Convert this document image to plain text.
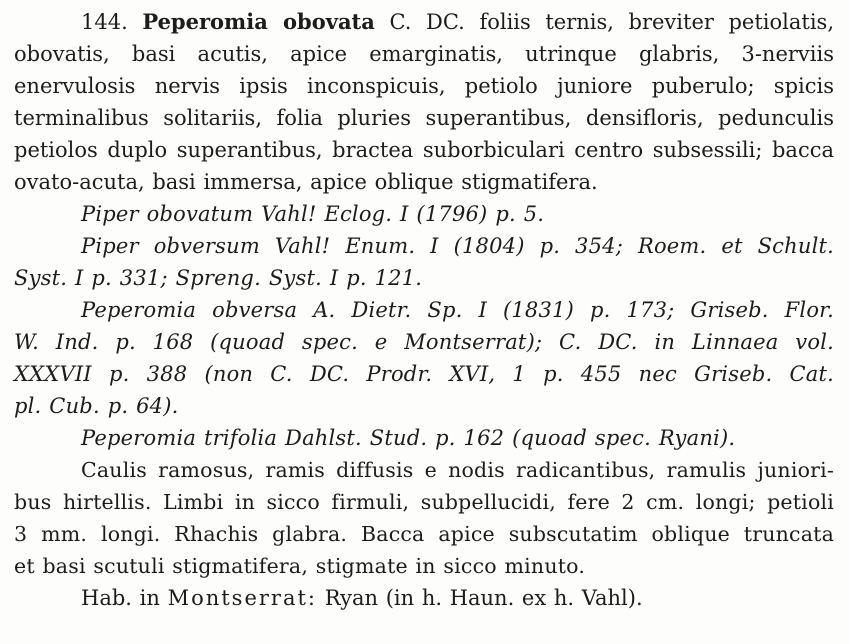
144. Peperomia obovata C. DC. foliis ternis, breviter petiolatis,
obovatis, basi acutis, apice emarginatis, utrinque glabris, 3-nerviis
enervulosis nervis ipsis inconspicuis, petiolo juniore puberulo; spicis
terminalibus solitariis, folia pluries superantibus, densifloris, pedunculis
petiolos duplo superantibus, bractea suborbiculari centro subsessili; bacca
ovato-acuta, basi immersa, apice oblique stigmatifera.
Piper obovatum Vahl! Eclog. I (1796) p. 5.
Piper obversum Vahl! Enum. I (1804) p. 354; Roem. et Schult.
Syst. I p. 331; Spreng. Syst. I p. 121.
Peperomia obversa A. Dietr. Sp. I (1831) p. 173; Griseb. Flor.
W. Ind. p. 168 (quoad spec. e Montserrat); C. DC. in Linnaea vol.
XXXVII p. 388 (non C. DC. Prodr. XVI, 1 p. 455 nec Griseb. Cat.
pl. Cub. p. 64).
Peperomia trifolia Dahlst. Stud. p. 162 (quoad spec. Ryani).
Caulis ramosus, ramis diffusis e nodis radicantibus, ramulis juniori-
bus hirtellis. Limbi in sicco firmuli, subpellucidi, fere 2 cm. longi; petioli
3 mm. longi. Rhachis glabra. Bacca apice subscutatim oblique truncata
et basi scutuli stigmatifera, stigmate in sicco minuto.
Hab. in Montserrat: Ryan (in h. Haun. ex h. Vahl).
